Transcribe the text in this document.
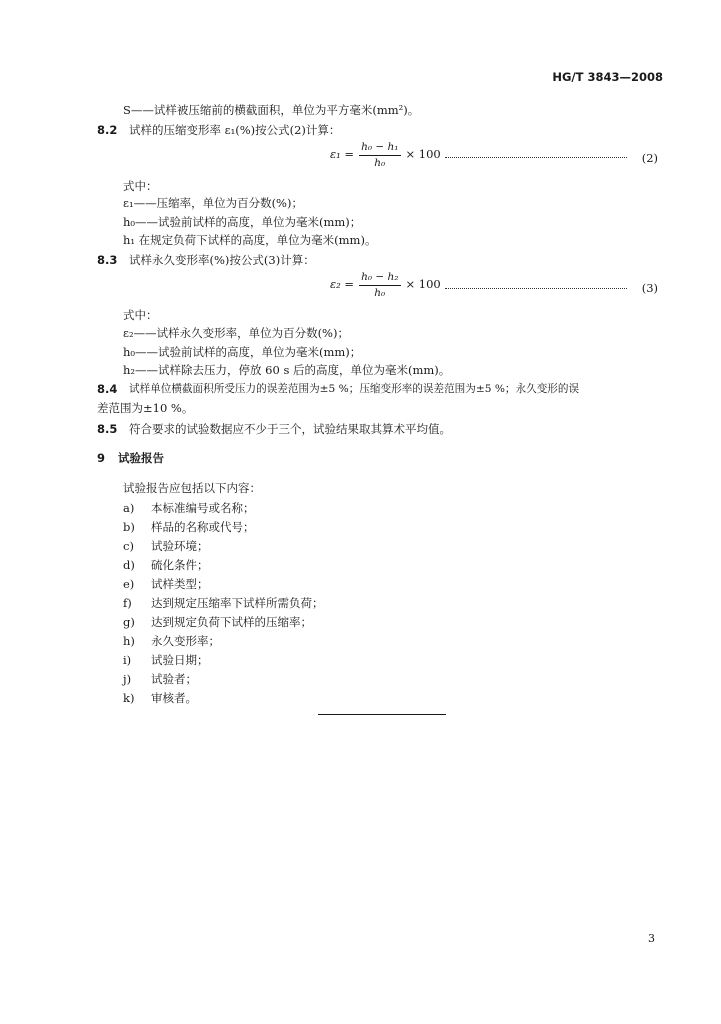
HG/T 3843—2008
S——试样被压缩前的横截面积，单位为平方毫米(mm²)。
8.2 试样的压缩变形率 ε₁(%)按公式(2)计算：
$\varepsilon_1 = \frac{\text{h₀ − h₁}}{\text{h₀}} \times 100$	(2)
式中：
ε₁——压缩率，单位为百分数(%)；
h₀——试验前试样的高度，单位为毫米(mm)；
h₁ 在规定负荷下试样的高度，单位为毫米(mm)。
8.3 试样永久变形率(%)按公式(3)计算：
$\varepsilon_2 = \frac{\text{h₀ − h₂}}{\text{h₀}} \times 100$	(3)
式中：
ε₂——试样永久变形率，单位为百分数(%)；
h₀——试验前试样的高度，单位为毫米(mm)；
h₂——试样除去压力，停放 60 s 后的高度，单位为毫米(mm)。
8.4 试样单位横截面积所受压力的误差范围为±5 %；压缩变形率的误差范围为±5 %；永久变形的误
差范围为±10 %。
8.5 符合要求的试验数据应不少于三个，试验结果取其算术平均值。
9 试验报告
试验报告应包括以下内容：
a) 本标准编号或名称；
b) 样品的名称或代号；
c) 试验环境；
d) 硫化条件；
e) 试样类型；
f) 达到规定压缩率下试样所需负荷；
g) 达到规定负荷下试样的压缩率；
h) 永久变形率；
i) 试验日期；
j) 试验者；
k) 审核者。
3
